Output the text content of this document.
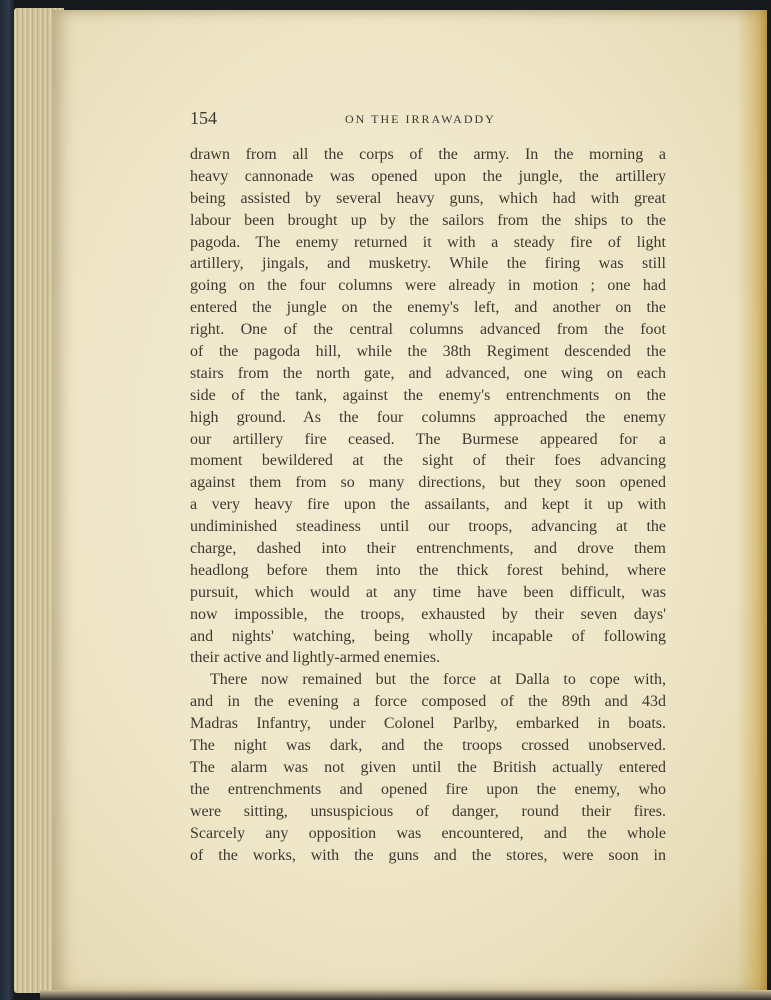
154	ON THE IRRAWADDY
drawn from all the corps of the army. In the morning a
heavy cannonade was opened upon the jungle, the artillery
being assisted by several heavy guns, which had with great
labour been brought up by the sailors from the ships to the
pagoda. The enemy returned it with a steady fire of light
artillery, jingals, and musketry. While the firing was still
going on the four columns were already in motion ; one had
entered the jungle on the enemy's left, and another on the
right. One of the central columns advanced from the foot
of the pagoda hill, while the 38th Regiment descended the
stairs from the north gate, and advanced, one wing on each
side of the tank, against the enemy's entrenchments on the
high ground. As the four columns approached the enemy
our artillery fire ceased. The Burmese appeared for a
moment bewildered at the sight of their foes advancing
against them from so many directions, but they soon opened
a very heavy fire upon the assailants, and kept it up with
undiminished steadiness until our troops, advancing at the
charge, dashed into their entrenchments, and drove them
headlong before them into the thick forest behind, where
pursuit, which would at any time have been difficult, was
now impossible, the troops, exhausted by their seven days'
and nights' watching, being wholly incapable of following
their active and lightly-armed enemies.
There now remained but the force at Dalla to cope with,
and in the evening a force composed of the 89th and 43d
Madras Infantry, under Colonel Parlby, embarked in boats.
The night was dark, and the troops crossed unobserved.
The alarm was not given until the British actually entered
the entrenchments and opened fire upon the enemy, who
were sitting, unsuspicious of danger, round their fires.
Scarcely any opposition was encountered, and the whole
of the works, with the guns and the stores, were soon in
